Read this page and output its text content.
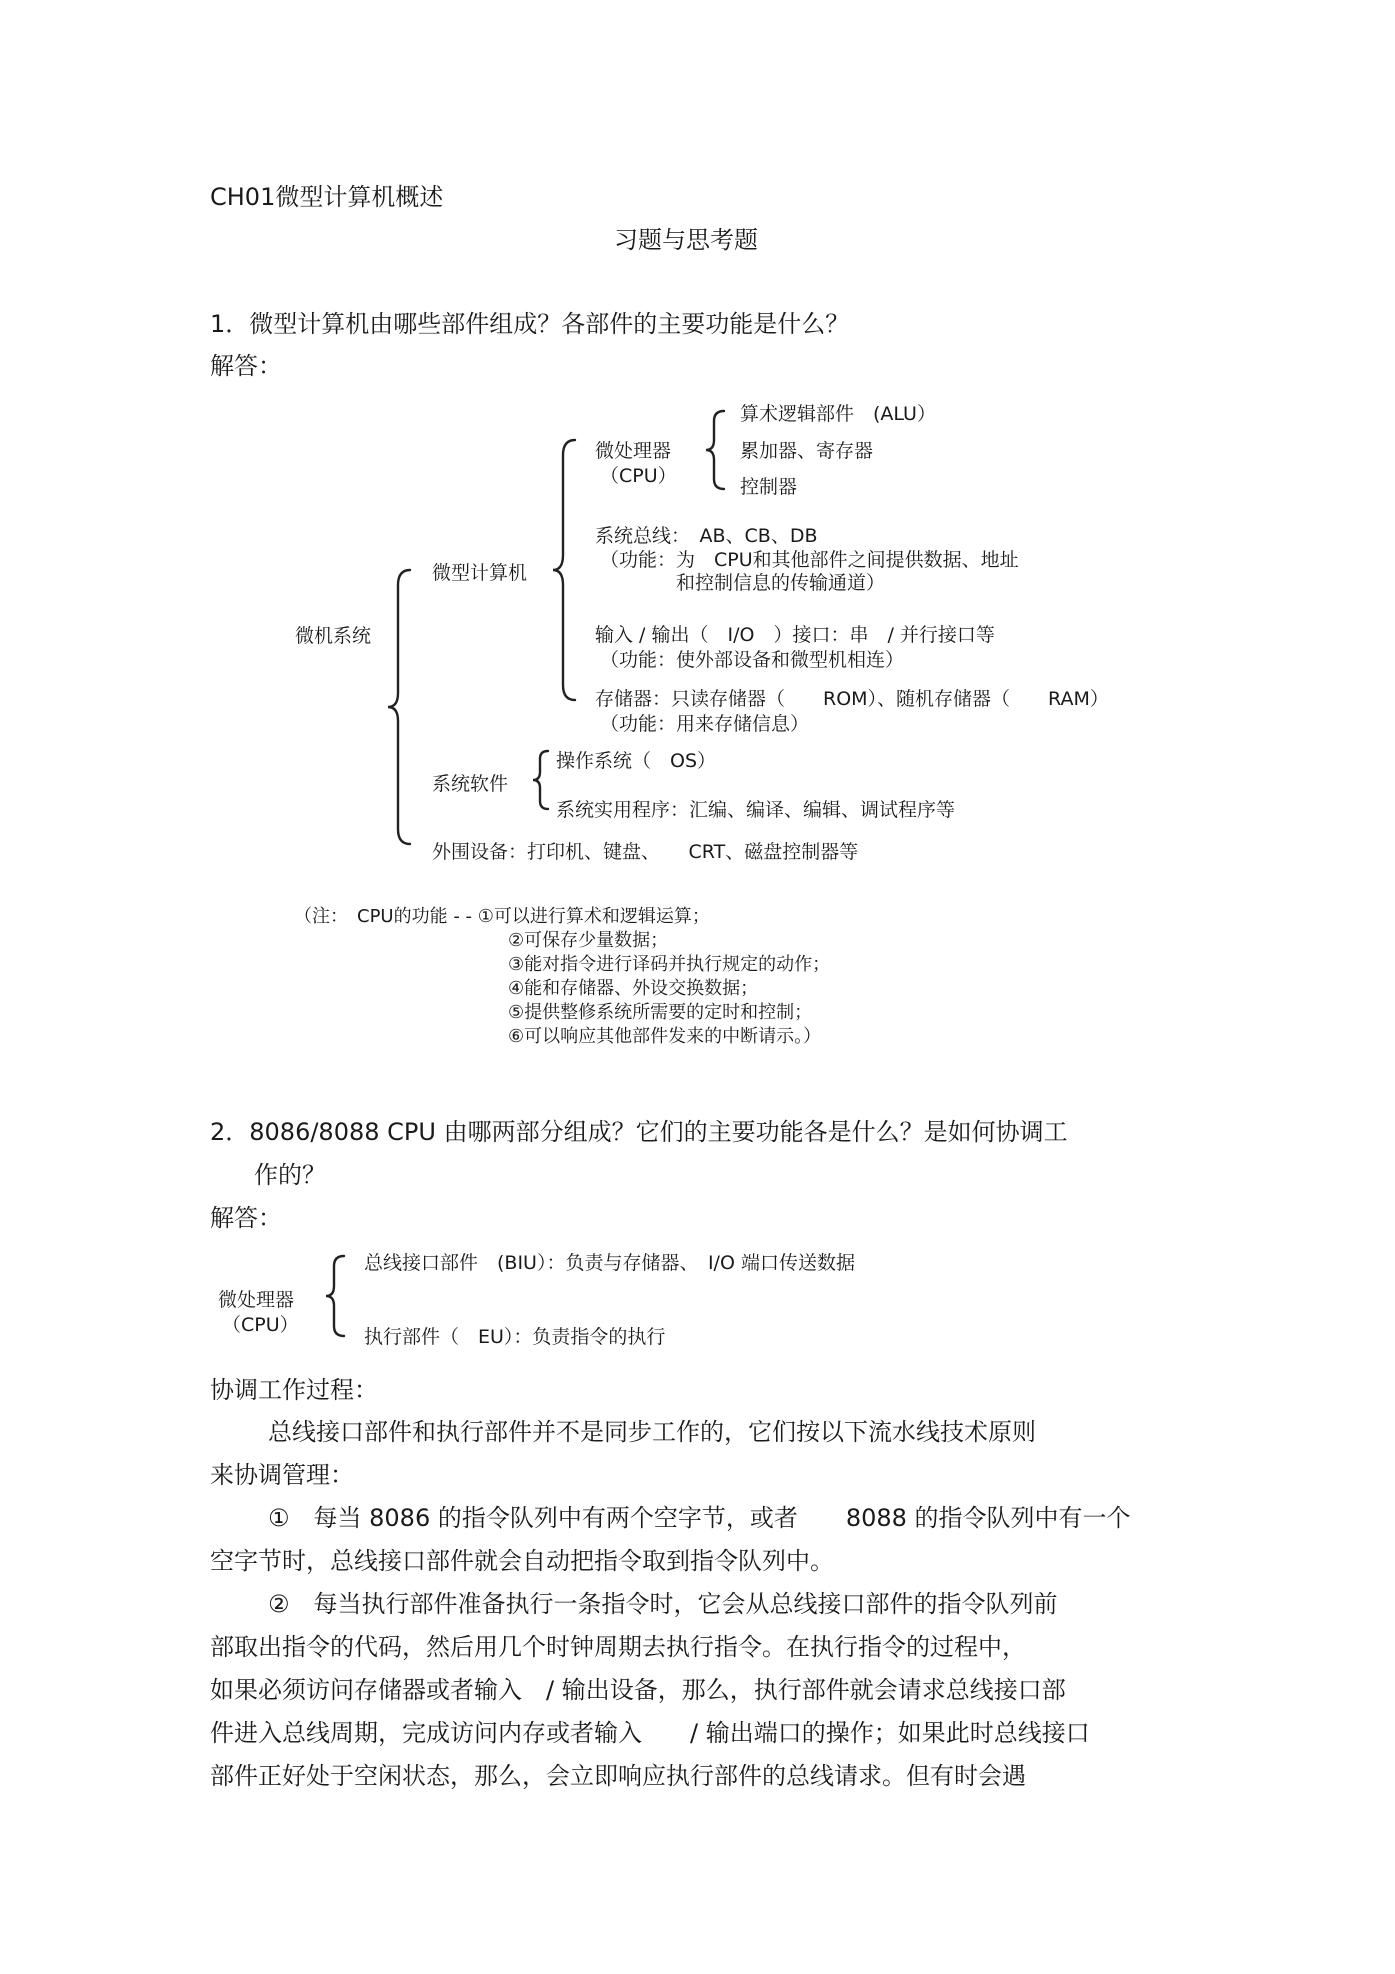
CH01微型计算机概述
习题与思考题
1．微型计算机由哪些部件组成？各部件的主要功能是什么？
解答：
微机系统
微型计算机
微处理器
（CPU）
算术逻辑部件　(ALU）
累加器、寄存器
控制器
系统总线：　AB、CB、DB
（功能：为　CPU和其他部件之间提供数据、地址
和控制信息的传输通道）
输入 / 输出（　I/O　）接口：串　/ 并行接口等
（功能：使外部设备和微型机相连）
存储器：只读存储器（　　ROM）、随机存储器（　　RAM）
（功能：用来存储信息）
系统软件
操作系统（　OS）
系统实用程序：汇编、编译、编辑、调试程序等
外围设备：打印机、键盘、　　CRT、磁盘控制器等
（注：　CPU的功能 - - ①可以进行算术和逻辑运算；
②可保存少量数据；
③能对指令进行译码并执行规定的动作；
④能和存储器、外设交换数据；
⑤提供整修系统所需要的定时和控制；
⑥可以响应其他部件发来的中断请示。）
2．8086/8088 CPU 由哪两部分组成？它们的主要功能各是什么？是如何协调工
作的？
解答：
微处理器
（CPU）
总线接口部件　(BIU）：负责与存储器、　I/O 端口传送数据
执行部件（　EU）：负责指令的执行
协调工作过程：
总线接口部件和执行部件并不是同步工作的，它们按以下流水线技术原则
来协调管理：
①　每当 8086 的指令队列中有两个空字节，或者　　8088 的指令队列中有一个
空字节时，总线接口部件就会自动把指令取到指令队列中。
②　每当执行部件准备执行一条指令时，它会从总线接口部件的指令队列前
部取出指令的代码，然后用几个时钟周期去执行指令。在执行指令的过程中，
如果必须访问存储器或者输入　/ 输出设备，那么，执行部件就会请求总线接口部
件进入总线周期，完成访问内存或者输入　　/ 输出端口的操作；如果此时总线接口
部件正好处于空闲状态，那么，会立即响应执行部件的总线请求。但有时会遇
